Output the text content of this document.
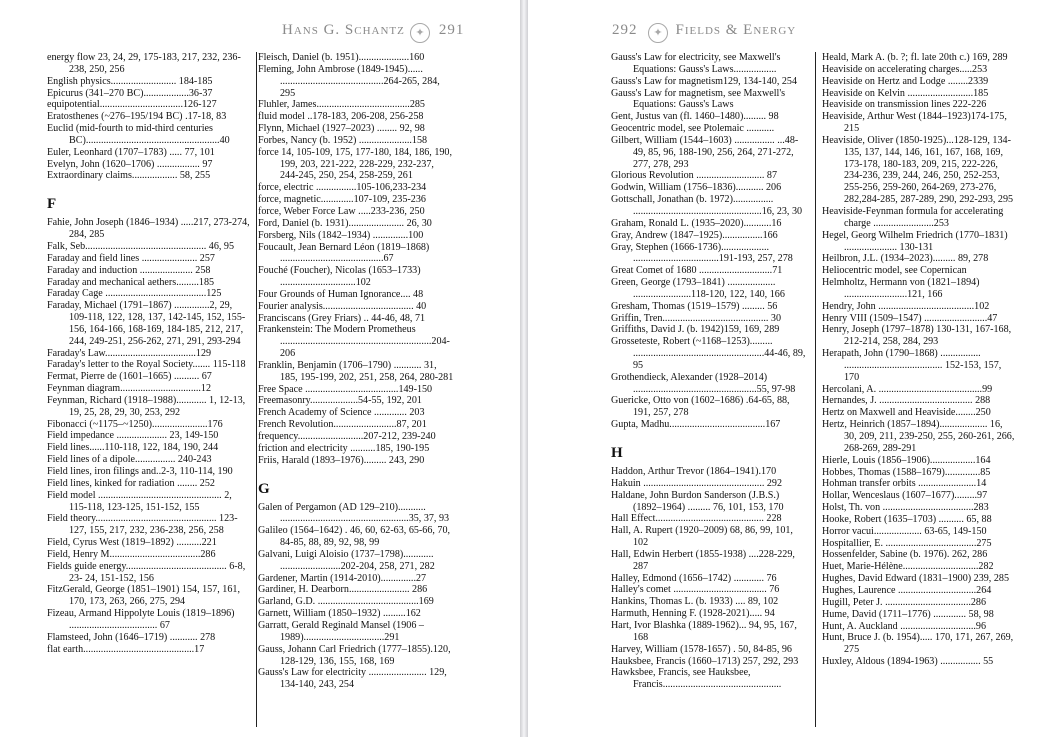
Hans G. Schantz 291
✦	292	Fields & Energy
✦
energy flow 23, 24, 29, 175-183, 217, 232, 236-238, 250, 256
English physics.......................... 184-185
Epicurus (341–270 BC)..................36-37
equipotential.................................126-127
Eratosthenes (~276–195/194 BC) .17-18, 83
Euclid (mid-fourth to mid-third centuries BC).....................................................40
Euler, Leonhard (1707–1783) ..... 77, 101
Evelyn, John (1620–1706) ................. 97
Extraordinary claims.................. 58, 255
F
Fahie, John Joseph (1846–1934) .....217, 273-274, 284, 285
Falk, Seb................................................ 46, 95
Faraday and field lines ...................... 257
Faraday and induction ..................... 258
Faraday and mechanical aethers.........185
Faraday Cage ........................................125
Faraday, Michael (1791–1867) ..............2, 29, 109-118, 122, 128, 137, 142-145, 152, 155-156, 164-166, 168-169, 184-185, 212, 217, 244, 249-251, 256-262, 271, 291, 293-294
Faraday's Law....................................129
Faraday's letter to the Royal Society....... 115-118
Fermat, Pierre de (1601–1665) .......... 67
Feynman diagram................................12
Feynman, Richard (1918–1988)............ 1, 12-13, 19, 25, 28, 29, 30, 253, 292
Fibonacci (~1175–~1250)......................176
Field impedance .................... 23, 149-150
Field lines......110-118, 122, 184, 190, 244
Field lines of a dipole................ 240-243
Field lines, iron filings and..2-3, 110-114, 190
Field lines, kinked for radiation ........ 252
Field model ................................................. 2, 115-118, 123-125, 151-152, 155
Field theory................................................ 123-127, 155, 217, 232, 236-238, 256, 258
Field, Cyrus West (1819–1892) ..........221
Field, Henry M....................................286
Fields guide energy........................................ 6-8, 23- 24, 151-152, 156
FitzGerald, George (1851–1901) 154, 157, 161, 170, 173, 263, 266, 275, 294
Fizeau, Armand Hippolyte Louis (1819–1896) ................................... 67
Flamsteed, John (1646–1719) ........... 278
flat earth............................................17
Fleisch, Daniel (b. 1951)....................160
Fleming, John Ambrose (1849-1945)...... .........................................264-265, 284, 295
Fluhler, James.....................................285
fluid model ..178-183, 206-208, 256-258
Flynn, Michael (1927–2023) ........ 92, 98
Forbes, Nancy (b. 1952) .....................158
force 14, 105-109, 175, 177-180, 184, 186, 190, 199, 203, 221-222, 228-229, 232-237, 244-245, 250, 254, 258-259, 261
force, electric ................105-106,233-234
force, magnetic.............107-109, 235-236
force, Weber Force Law .....233-236, 250
Ford, Daniel (b. 1931)...................... 26, 30
Forsberg, Nils (1842–1934) ..............100
Foucault, Jean Bernard Léon (1819–1868) .........................................67
Fouché (Foucher), Nicolas (1653–1733) ..............................102
Four Grounds of Human Ignorance.... 48
Fourier analysis.................................... 40
Franciscans (Grey Friars) .. 44-46, 48, 71
Frankenstein: The Modern Prometheus ............................................................204-206
Franklin, Benjamin (1706–1790) ........... 31, 185, 195-199, 202, 251, 258, 264, 280-281
Free Space .....................................149-150
Freemasonry...................54-55, 192, 201
French Academy of Science ............. 203
French Revolution.........................87, 201
frequency..........................207-212, 239-240
friction and electricity ..........185, 190-195
Friis, Harald (1893–1976)......... 243, 290
G
Galen of Pergamon (AD 129–210)........... ...................................................35, 37, 93
Galileo (1564–1642) . 46, 60, 62-63, 65-66, 70, 84-85, 88, 89, 92, 98, 99
Galvani, Luigi Aloisio (1737–1798)............ ........................202-204, 258, 271, 282
Gardener, Martin (1914-2010)..............27
Gardiner, H. Dearborn........................ 286
Garland, G.D. ........................................169
Garnett, William (1850–1932) .........162
Garratt, Gerald Reginald Mansel (1906 – 1989)................................291
Gauss, Johann Carl Friedrich (1777–1855).120, 128-129, 136, 155, 168, 169
Gauss's Law for electricity ....................... 129, 134-140, 243, 254
Gauss's Law for electricity, see Maxwell's Equations: Gauss's Laws.................
Gauss's Law for magnetism129, 134-140, 254
Gauss's Law for magnetism, see Maxwell's Equations: Gauss's Laws
Gent, Justus van (fl. 1460–1480)......... 98
Geocentric model, see Ptolemaic ...........
Gilbert, William (1544–1603) ................ ...48-49, 85, 96, 188-190, 256, 264, 271-272, 277, 278, 293
Glorious Revolution ........................... 87
Godwin, William (1756–1836)........... 206
Gottschall, Jonathan (b. 1972)................ ...................................................16, 23, 30
Graham, Ronald L. (1935–2020)...........16
Gray, Andrew (1847–1925)................166
Gray, Stephen (1666-1736)................... ..................................191-193, 257, 278
Great Comet of 1680 .............................71
Green, George (1793–1841) ................... .......................118-120, 122, 140, 166
Gresham, Thomas (1519–1579) ......... 56
Griffin, Tren.......................................... 30
Griffiths, David J. (b. 1942)159, 169, 289
Grosseteste, Robert (~1168–1253)......... ....................................................44-46, 89, 95
Grothendieck, Alexander (1928–2014) .................................................55, 97-98
Guericke, Otto von (1602–1686) .64-65, 88, 191, 257, 278
Gupta, Madhu......................................167
H
Haddon, Arthur Trevor (1864–1941).170
Hakuin ................................................ 292
Haldane, John Burdon Sanderson (J.B.S.) (1892–1964) ......... 76, 101, 153, 170
Hall Effect........................................... 228
Hall, A. Rupert (1920–2009) 68, 86, 99, 101, 102
Hall, Edwin Herbert (1855-1938) ....228-229, 287
Halley, Edmond (1656–1742) ............ 76
Halley's comet ..................................... 76
Hankins, Thomas L. (b. 1933) .... 89, 102
Harmuth, Henning F. (1928-2021)..... 94
Hart, Ivor Blashka (1889-1962)... 94, 95, 167, 168
Harvey, William (1578-1657) . 50, 84-85, 96
Hauksbee, Francis (1660–1713) 257, 292, 293
Hawksbee, Francis, see Hauksbee, Francis...............................................
Heald, Mark A. (b. ?; fl. late 20th c.) 169, 289
Heaviside on accelerating charges.....253
Heaviside on Hertz and Lodge ........2339
Heaviside on Kelvin ..........................185
Heaviside on transmission lines 222-226
Heaviside, Arthur West (1844–1923)174-175, 215
Heaviside, Oliver (1850-1925)...128-129, 134-135, 137, 144, 146, 161, 167, 168, 169, 173-178, 180-183, 209, 215, 222-226, 234-236, 239, 244, 246, 250, 252-253, 255-256, 259-260, 264-269, 273-276, 282,284-285, 287-289, 290, 292-293, 295
Heaviside-Feynman formula for accelerating charge ........................253
Hegel, Georg Wilhelm Friedrich (1770–1831) ..................... 130-131
Heilbron, J.L. (1934–2023)......... 89, 278
Heliocentric model, see Copernican
Helmholtz, Hermann von (1821–1894) .........................121, 166
Hendry, John ......................................102
Henry VIII (1509–1547) .........................47
Henry, Joseph (1797–1878) 130-131, 167-168, 212-214, 258, 284, 293
Herapath, John (1790–1868) ................ ....................................... 152-153, 157, 170
Hercolani, A. .........................................99
Hernandes, J. ..................................... 288
Hertz on Maxwell and Heaviside........250
Hertz, Heinrich (1857–1894)................... 16, 30, 209, 211, 239-250, 255, 260-261, 266, 268-269, 289-291
Hierle, Louis (1856–1906)..................164
Hobbes, Thomas (1588–1679)..............85
Hohman transfer orbits .......................14
Hollar, Wenceslaus (1607–1677).........97
Holst, Th. von ....................................283
Hooke, Robert (1635–1703) .......... 65, 88
Horror vacui................... 63-65, 149-150
Hospitallier, E. ....................................275
Hossenfelder, Sabine (b. 1976). 262, 286
Huet, Marie-Hélène..............................282
Hughes, David Edward (1831–1900) 239, 285
Hughes, Laurence ...............................264
Hugill, Peter J. ..................................286
Hume, David (1711–1776) ............. 58, 98
Hunt, A. Auckland ..............................96
Hunt, Bruce J. (b. 1954)..... 170, 171, 267, 269, 275
Huxley, Aldous (1894-1963) ................ 55
